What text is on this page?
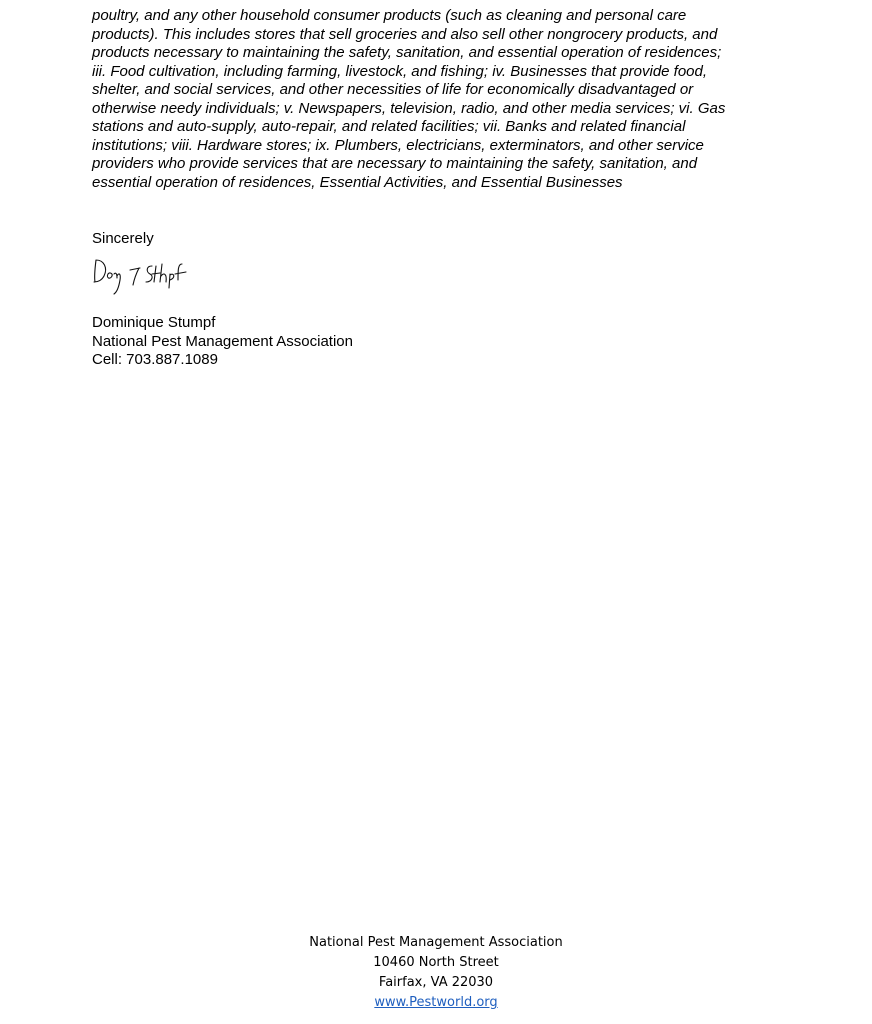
poultry, and any other household consumer products (such as cleaning and personal care
products). This includes stores that sell groceries and also sell other nongrocery products, and
products necessary to maintaining the safety, sanitation, and essential operation of residences;
iii. Food cultivation, including farming, livestock, and fishing; iv. Businesses that provide food,
shelter, and social services, and other necessities of life for economically disadvantaged or
otherwise needy individuals; v. Newspapers, television, radio, and other media services; vi. Gas
stations and auto-supply, auto-repair, and related facilities; vii. Banks and related financial
institutions; viii. Hardware stores; ix. Plumbers, electricians, exterminators, and other service
providers who provide services that are necessary to maintaining the safety, sanitation, and
essential operation of residences, Essential Activities, and Essential Businesses

Sincerely

Dominique Stumpf
National Pest Management Association
Cell: 703.887.1089
National Pest Management Association
10460 North Street
Fairfax, VA 22030
www.Pestworld.org
